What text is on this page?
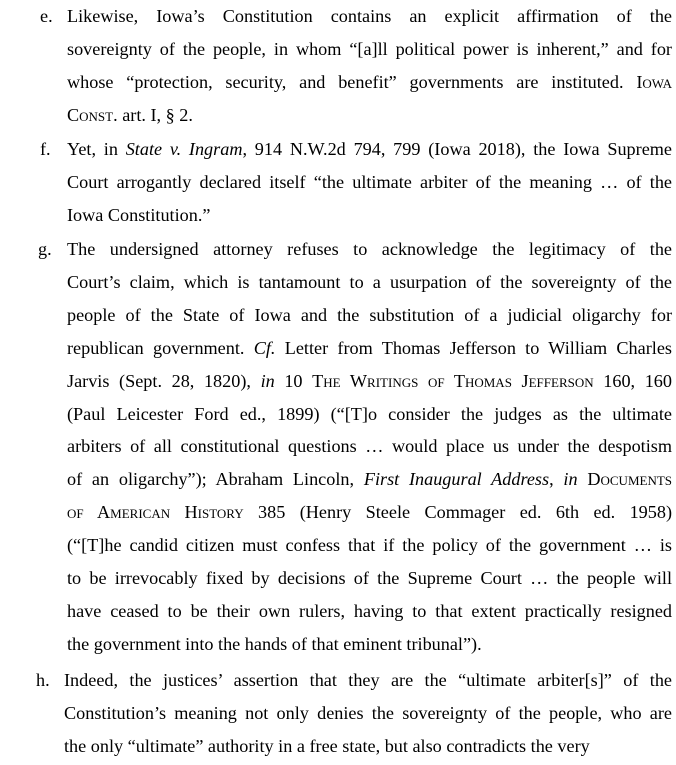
e. Likewise, Iowa’s Constitution contains an explicit affirmation of the
sovereignty of the people, in whom “[a]ll political power is inherent,” and for
whose “protection, security, and benefit” governments are instituted. Iowa
Const. art. I, § 2.
f. Yet, in State v. Ingram, 914 N.W.2d 794, 799 (Iowa 2018), the Iowa Supreme
Court arrogantly declared itself “the ultimate arbiter of the meaning … of the
Iowa Constitution.”
g. The undersigned attorney refuses to acknowledge the legitimacy of the
Court’s claim, which is tantamount to a usurpation of the sovereignty of the
people of the State of Iowa and the substitution of a judicial oligarchy for
republican government. Cf. Letter from Thomas Jefferson to William Charles
Jarvis (Sept. 28, 1820), in 10 The Writings of Thomas Jefferson 160, 160
(Paul Leicester Ford ed., 1899) (“[T]o consider the judges as the ultimate
arbiters of all constitutional questions … would place us under the despotism
of an oligarchy”); Abraham Lincoln, First Inaugural Address, in Documents
of American History 385 (Henry Steele Commager ed. 6th ed. 1958)
(“[T]he candid citizen must confess that if the policy of the government … is
to be irrevocably fixed by decisions of the Supreme Court … the people will
have ceased to be their own rulers, having to that extent practically resigned
the government into the hands of that eminent tribunal”).
h. Indeed, the justices’ assertion that they are the “ultimate arbiter[s]” of the
Constitution’s meaning not only denies the sovereignty of the people, who are
the only “ultimate” authority in a free state, but also contradicts the very
